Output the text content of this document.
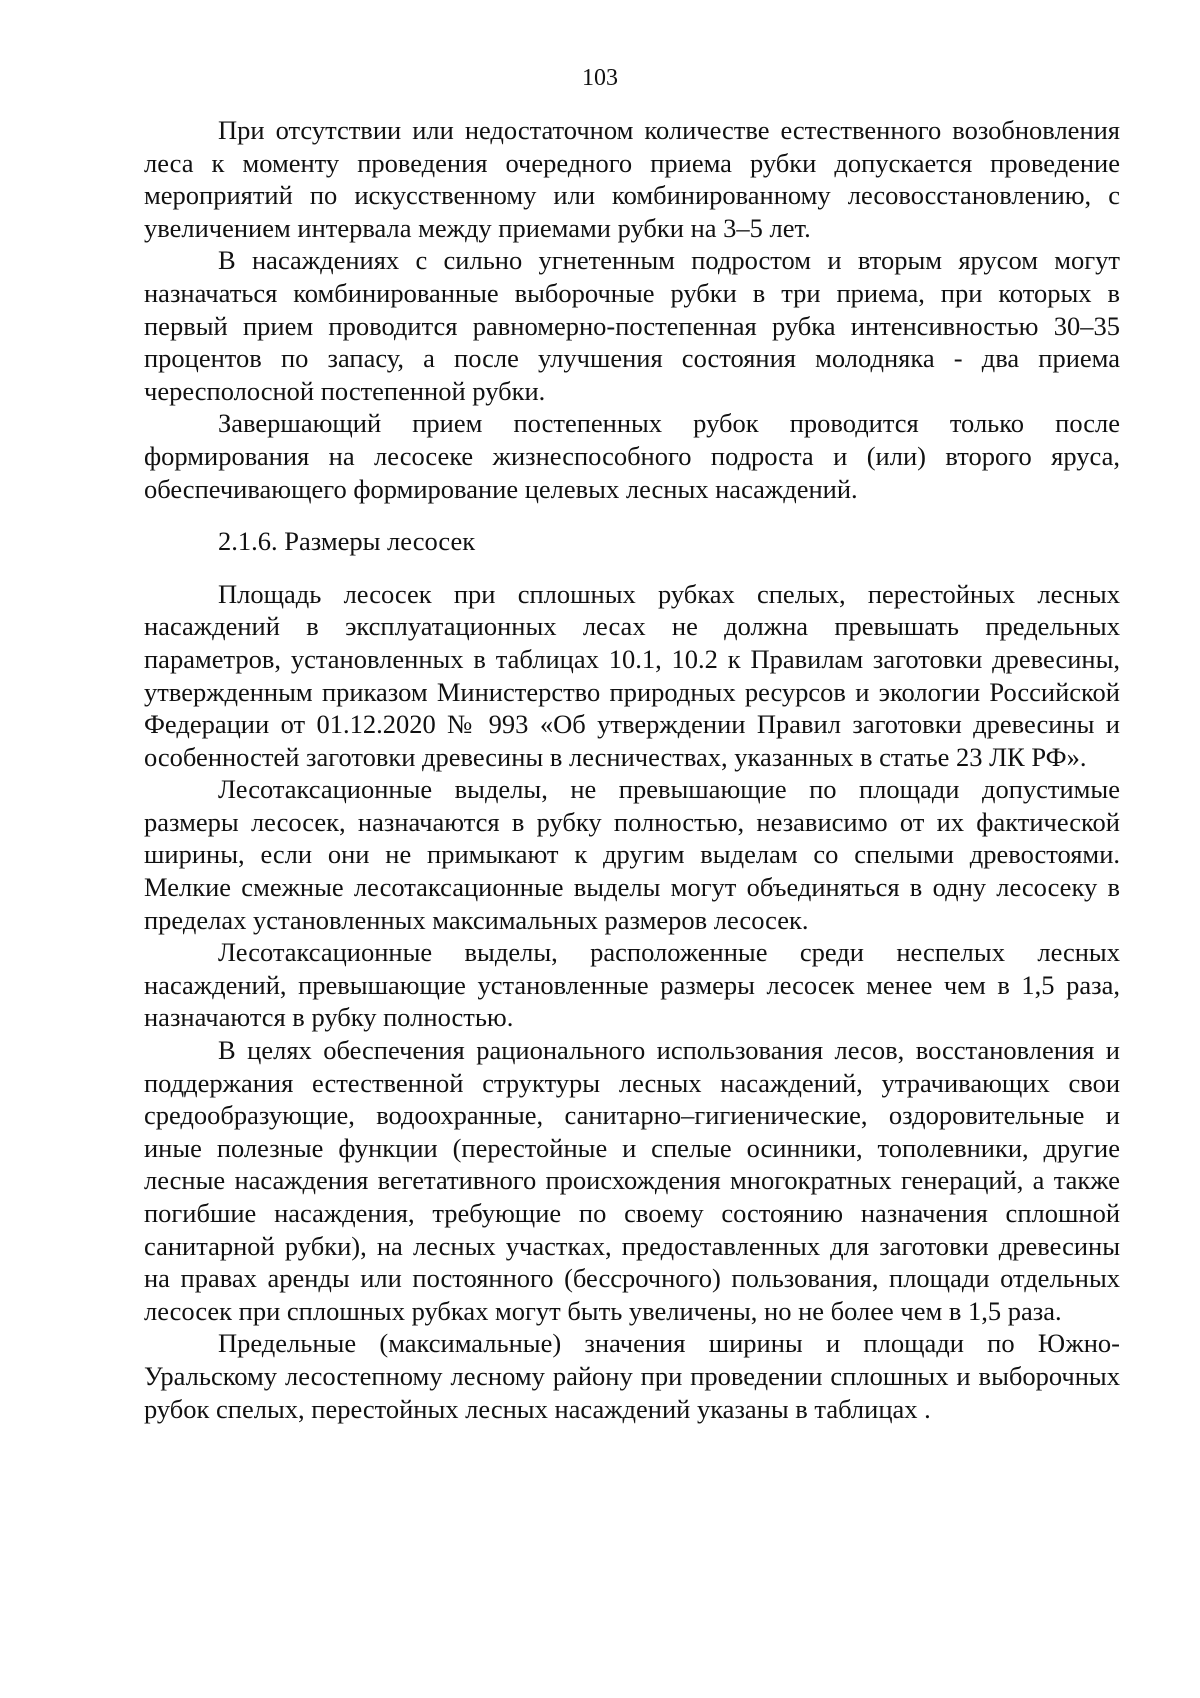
103

При отсутствии или недостаточном количестве естественного возобновления леса к моменту проведения очередного приема рубки допускается проведение мероприятий по искусственному или комбинированному лесовосстановлению, с увеличением интервала между приемами рубки на 3–5 лет.

В насаждениях с сильно угнетенным подростом и вторым ярусом могут назначаться комбинированные выборочные рубки в три приема, при которых в первый прием проводится равномерно-постепенная рубка интенсивностью 30–35 процентов по запасу, а после улучшения состояния молодняка - два приема чересполосной постепенной рубки.

Завершающий прием постепенных рубок проводится только после формирования на лесосеке жизнеспособного подроста и (или) второго яруса, обеспечивающего формирование целевых лесных насаждений.

2.1.6. Размеры лесосек

Площадь лесосек при сплошных рубках спелых, перестойных лесных насаждений в эксплуатационных лесах не должна превышать предельных параметров, установленных в таблицах 10.1, 10.2 к Правилам заготовки древесины, утвержденным приказом Министерство природных ресурсов и экологии Российской Федерации от 01.12.2020 № 993 «Об утверждении Правил заготовки древесины и особенностей заготовки древесины в лесничествах, указанных в статье 23 ЛК РФ».

Лесотаксационные выделы, не превышающие по площади допустимые размеры лесосек, назначаются в рубку полностью, независимо от их фактической ширины, если они не примыкают к другим выделам со спелыми древостоями. Мелкие смежные лесотаксационные выделы могут объединяться в одну лесосеку в пределах установленных максимальных размеров лесосек.

Лесотаксационные выделы, расположенные среди неспелых лесных насаждений, превышающие установленные размеры лесосек менее чем в 1,5 раза, назначаются в рубку полностью.

В целях обеспечения рационального использования лесов, восстановления и поддержания естественной структуры лесных насаждений, утрачивающих свои средообразующие, водоохранные, санитарно–гигиенические, оздоровительные и иные полезные функции (перестойные и спелые осинники, тополевники, другие лесные насаждения вегетативного происхождения многократных генераций, а также погибшие насаждения, требующие по своему состоянию назначения сплошной санитарной рубки), на лесных участках, предоставленных для заготовки древесины на правах аренды или постоянного (бессрочного) пользования, площади отдельных лесосек при сплошных рубках могут быть увеличены, но не более чем в 1,5 раза.

Предельные (максимальные) значения ширины и площади по Южно-Уральскому лесостепному лесному району при проведении сплошных и выборочных рубок спелых, перестойных лесных насаждений указаны в таблицах .
